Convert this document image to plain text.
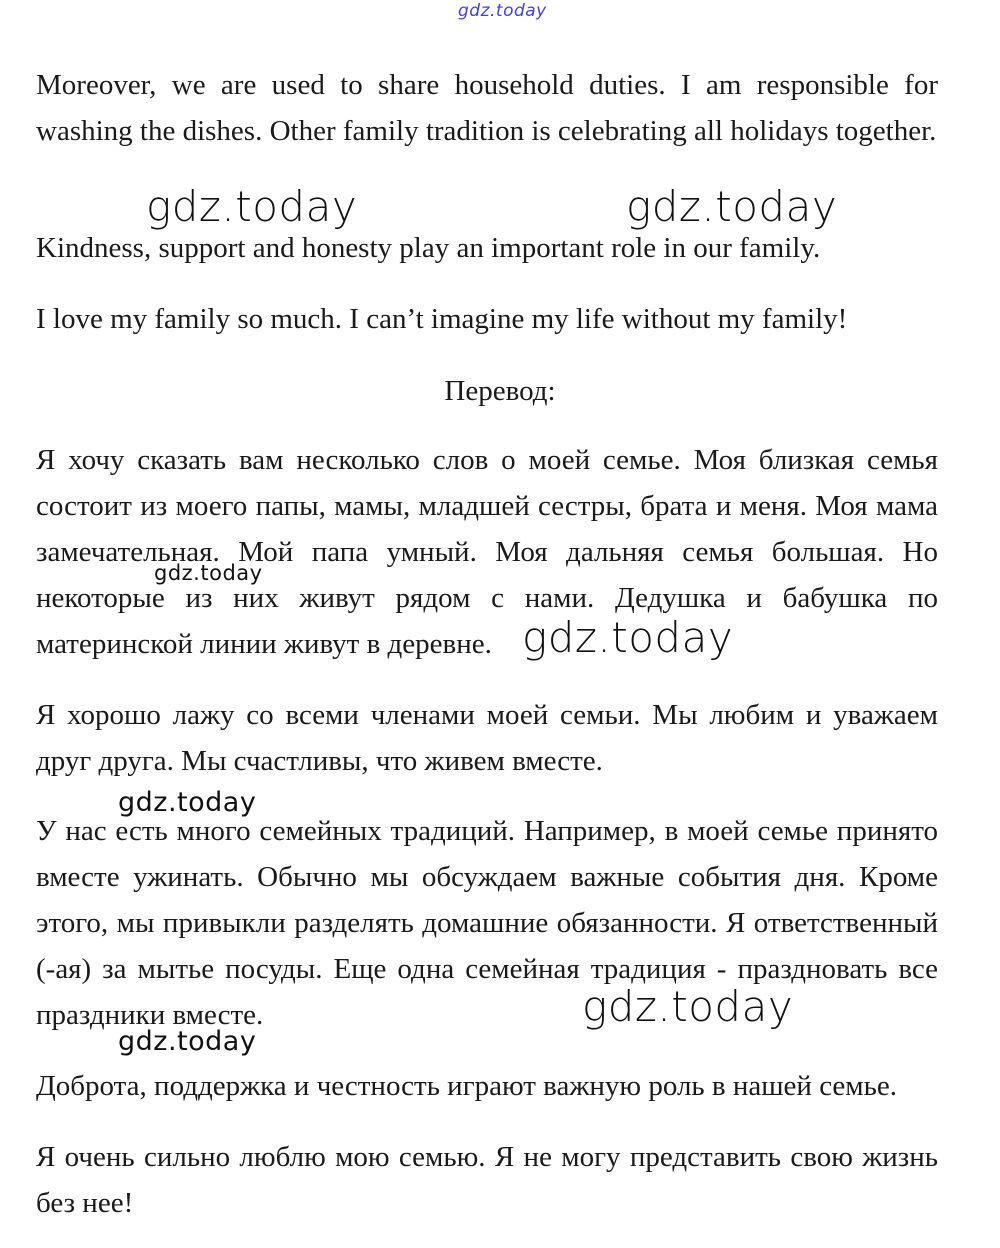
gdz.today

Moreover, we are used to share household duties. I am responsible for washing the dishes. Other family tradition is celebrating all holidays together.

Kindness, support and honesty play an important role in our family.

I love my family so much. I can’t imagine my life without my family!

Перевод:

Я хочу сказать вам несколько слов о моей семье. Моя близкая семья состоит из моего папы, мамы, младшей сестры, брата и меня. Моя мама замечательная. Мой папа умный. Моя дальняя семья большая. Но некоторые из них живут рядом с нами. Дедушка и бабушка по материнской линии живут в деревне.

Я хорошо лажу со всеми членами моей семьи. Мы любим и уважаем друг друга. Мы счастливы, что живем вместе.

У нас есть много семейных традиций. Например, в моей семье принято вместе ужинать. Обычно мы обсуждаем важные события дня. Кроме этого, мы привыкли разделять домашние обязанности. Я ответственный (-ая) за мытье посуды. Еще одна семейная традиция - праздновать все праздники вместе.

Доброта, поддержка и честность играют важную роль в нашей семье.

Я очень сильно люблю мою семью. Я не могу представить свою жизнь без нее!

gdz.today	gdz.today
gdz.today
gdz.today
gdz.today
gdz.today
gdz.today
